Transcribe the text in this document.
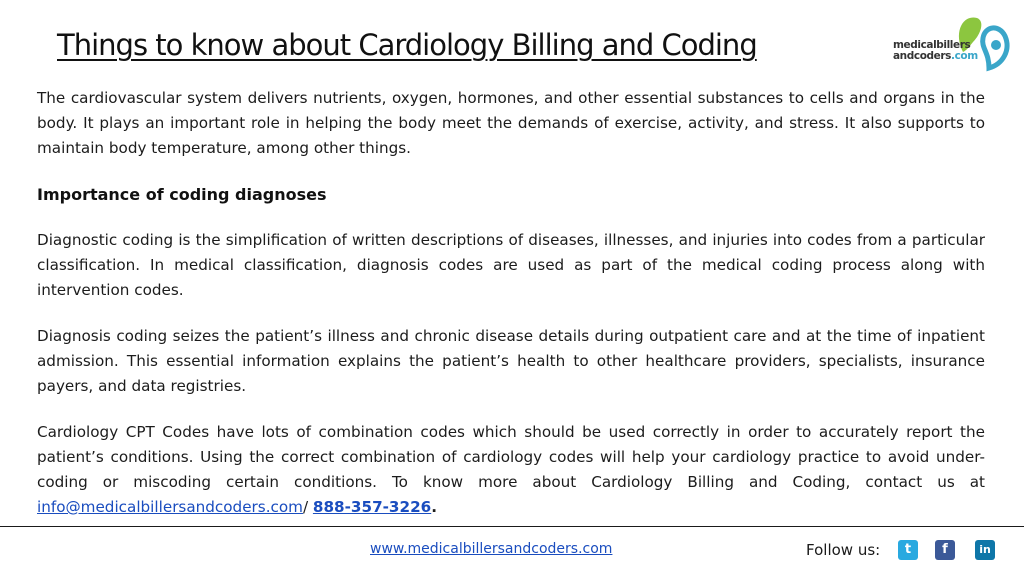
Things to know about Cardiology Billing and Coding	medicalbillers
andcoders.com

The cardiovascular system delivers nutrients, oxygen, hormones, and other essential substances to cells and organs in the body. It plays an important role in helping the body meet the demands of exercise, activity, and stress. It also supports to maintain body temperature, among other things.

Importance of coding diagnoses

Diagnostic coding is the simplification of written descriptions of diseases, illnesses, and injuries into codes from a particular classification. In medical classification, diagnosis codes are used as part of the medical coding process along with intervention codes.

Diagnosis coding seizes the patient’s illness and chronic disease details during outpatient care and at the time of inpatient admission. This essential information explains the patient’s health to other healthcare providers, specialists, insurance payers, and data registries.

Cardiology CPT Codes have lots of combination codes which should be used correctly in order to accurately report the patient’s conditions. Using the correct combination of cardiology codes will help your cardiology practice to avoid under-coding or miscoding certain conditions. To know more about Cardiology Billing and Coding, contact us at info@medicalbillersandcoders.com/ 888-357-3226.

www.medicalbillersandcoders.com	Follow us:	t	f	in
